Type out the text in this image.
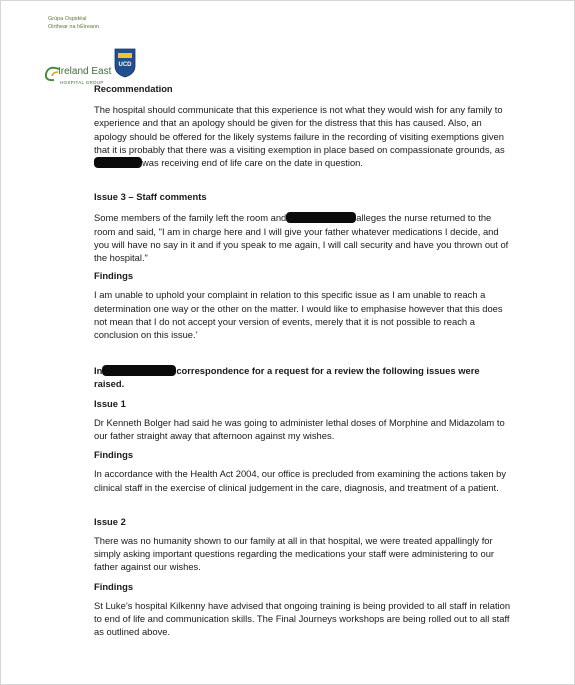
Grúpa Ospidéal
Oirthear na hÉireann
UCD
Ireland East
HOSPITAL GROUP

Recommendation

The hospital should communicate that this experience is not what they would wish for any family to experience and that an apology should be given for the distress that this has caused. Also, an apology should be offered for the likely systems failure in the recording of visiting exemptions given that it is probably that there was a visiting exemption in place based on compassionate grounds, aswas receiving end of life care on the date in question.

Issue 3 – Staff comments

Some members of the family left the room and	alleges the nurse returned to the room and said, "I am in charge here and I will give your father whatever medications I decide, and you will have no say in it and if you speak to me again, I will call security and have you thrown out of the hospital."

Findings

I am unable to uphold your complaint in relation to this specific issue as I am unable to reach a determination one way or the other on the matter. I would like to emphasise however that this does not mean that I do not accept your version of events, merely that it is not possible to reach a conclusion on this issue.’

In	correspondence for a request for a review the following issues were raised.

Issue 1

Dr Kenneth Bolger had said he was going to administer lethal doses of Morphine and Midazolam to our father straight away that afternoon against my wishes.

Findings

In accordance with the Health Act 2004, our office is precluded from examining the actions taken by clinical staff in the exercise of clinical judgement in the care, diagnosis, and treatment of a patient.

Issue 2

There was no humanity shown to our family at all in that hospital, we were treated appallingly for simply asking important questions regarding the medications your staff were administering to our father against our wishes.

Findings

St Luke’s hospital Kilkenny have advised that ongoing training is being provided to all staff in relation to end of life and communication skills. The Final Journeys workshops are being rolled out to all staff as outlined above.
